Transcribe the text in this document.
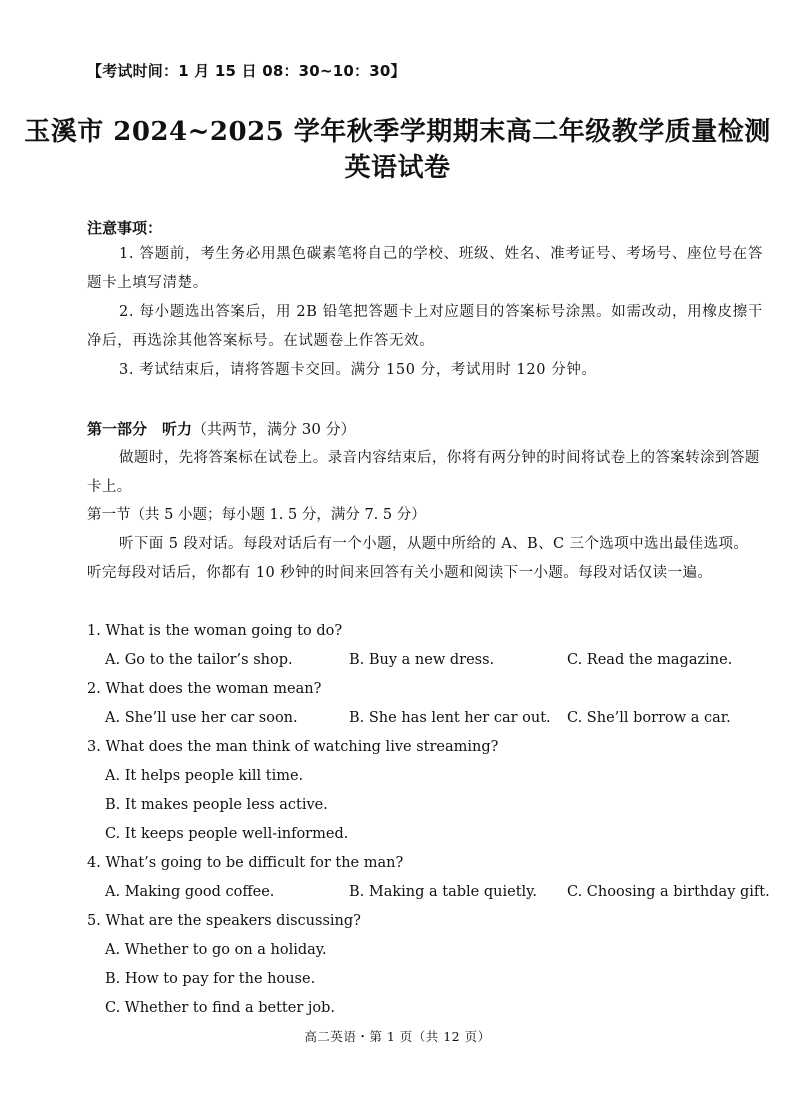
【考试时间：1 月 15 日 08：30~10：30】
玉溪市 2024~2025 学年秋季学期期末高二年级教学质量检测
英语试卷
注意事项：
1. 答题前，考生务必用黑色碳素笔将自己的学校、班级、姓名、准考证号、考场号、座位号在答题卡上填写清楚。
2. 每小题选出答案后，用 2B 铅笔把答题卡上对应题目的答案标号涂黑。如需改动，用橡皮擦干净后，再选涂其他答案标号。在试题卷上作答无效。
3. 考试结束后，请将答题卡交回。满分 150 分，考试用时 120 分钟。
第一部分　听力（共两节，满分 30 分）
做题时，先将答案标在试卷上。录音内容结束后，你将有两分钟的时间将试卷上的答案转涂到答题卡上。
第一节（共 5 小题；每小题 1. 5 分，满分 7. 5 分）
听下面 5 段对话。每段对话后有一个小题，从题中所给的 A、B、C 三个选项中选出最佳选项。听完每段对话后，你都有 10 秒钟的时间来回答有关小题和阅读下一小题。每段对话仅读一遍。
1. What is the woman going to do?
A. Go to the tailor’s shop.	B. Buy a new dress.	C. Read the magazine.
2. What does the woman mean?
A. She’ll use her car soon.	B. She has lent her car out.	C. She’ll borrow a car.
3. What does the man think of watching live streaming?
A. It helps people kill time.
B. It makes people less active.
C. It keeps people well-informed.
4. What’s going to be difficult for the man?
A. Making good coffee.	B. Making a table quietly.	C. Choosing a birthday gift.
5. What are the speakers discussing?
A. Whether to go on a holiday.
B. How to pay for the house.
C. Whether to find a better job.
高二英语・第 1 页（共 12 页）
